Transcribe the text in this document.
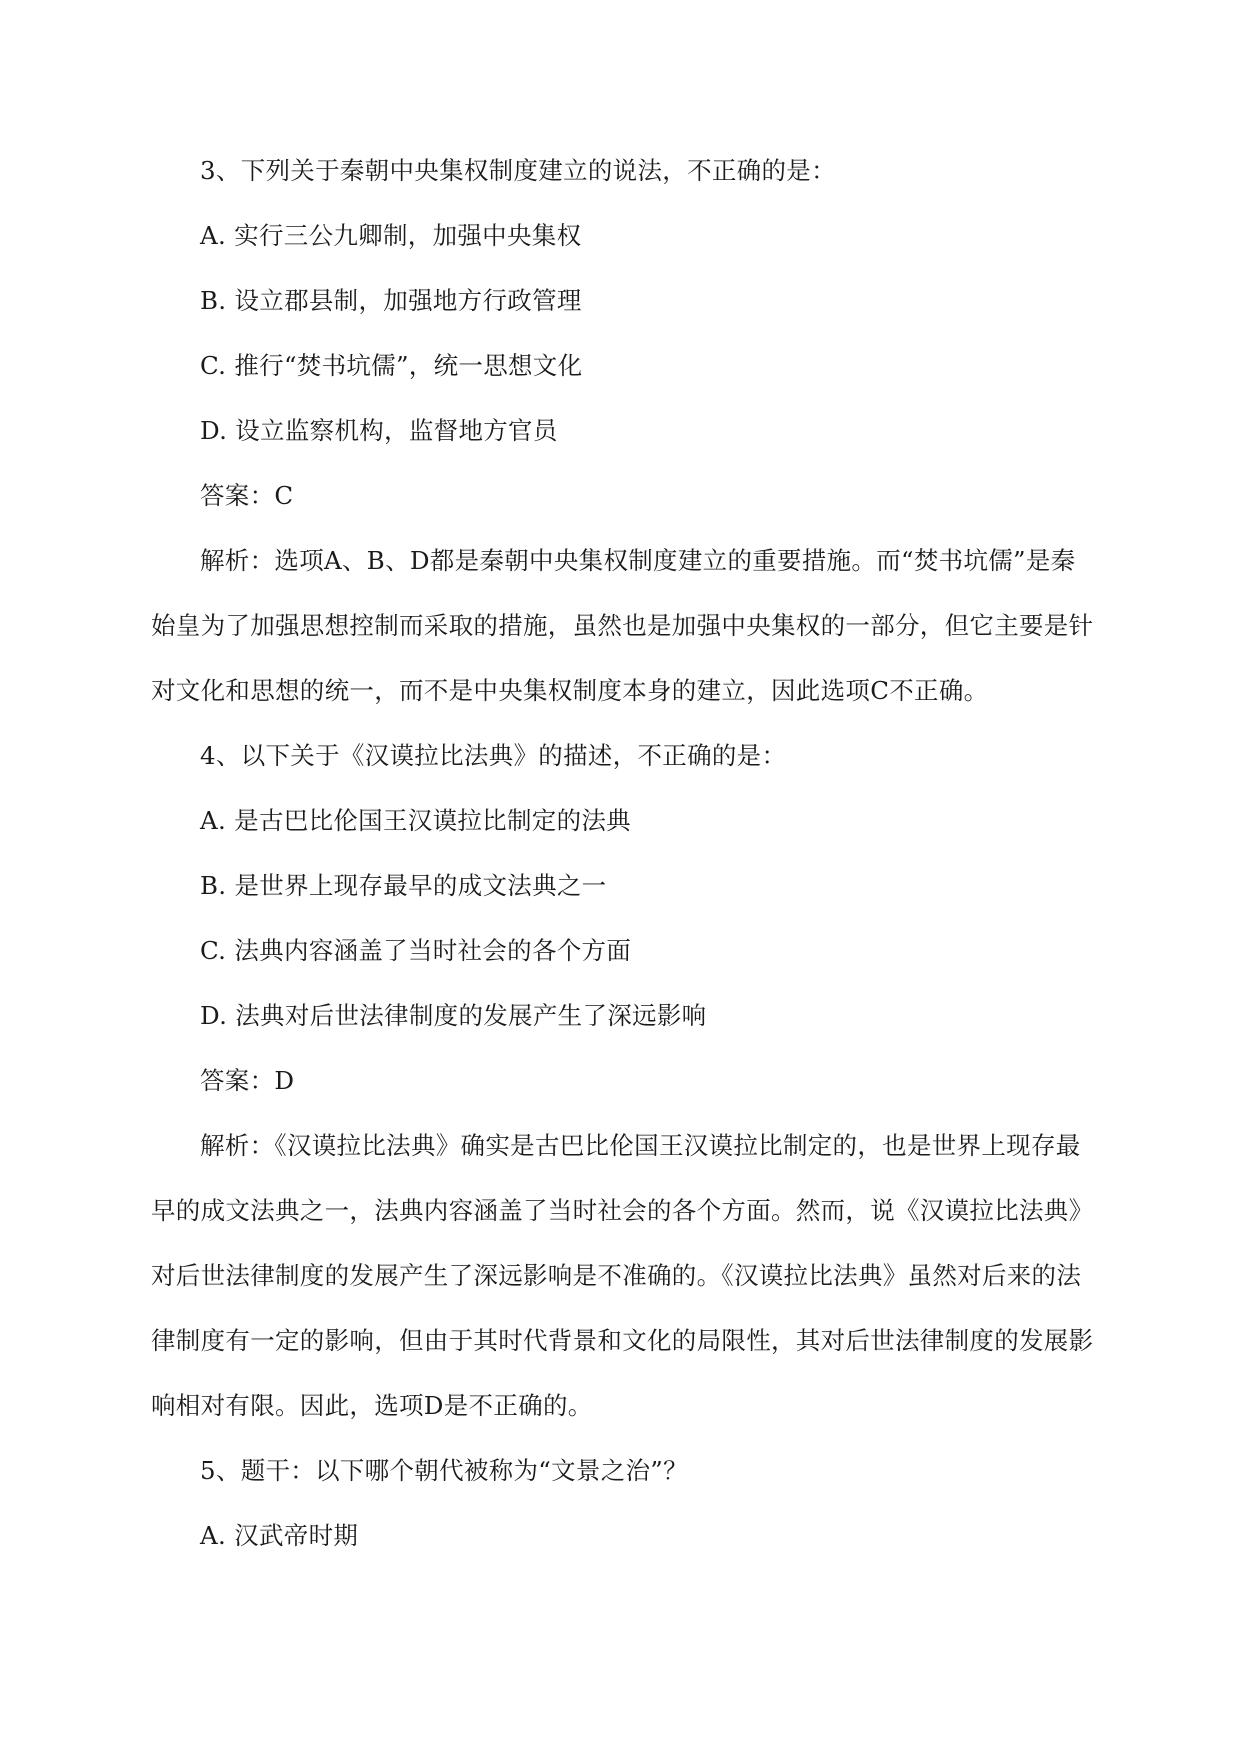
3、下列关于秦朝中央集权制度建立的说法，不正确的是：
A. 实行三公九卿制，加强中央集权
B. 设立郡县制，加强地方行政管理
C. 推行“焚书坑儒”，统一思想文化
D. 设立监察机构，监督地方官员
答案：C
解析：选项A、B、D都是秦朝中央集权制度建立的重要措施。而“焚书坑儒”是秦
始皇为了加强思想控制而采取的措施，虽然也是加强中央集权的一部分，但它主要是针
对文化和思想的统一，而不是中央集权制度本身的建立，因此选项C不正确。
4、以下关于《汉谟拉比法典》的描述，不正确的是：
A. 是古巴比伦国王汉谟拉比制定的法典
B. 是世界上现存最早的成文法典之一
C. 法典内容涵盖了当时社会的各个方面
D. 法典对后世法律制度的发展产生了深远影响
答案：D
解析：《汉谟拉比法典》确实是古巴比伦国王汉谟拉比制定的，也是世界上现存最
早的成文法典之一，法典内容涵盖了当时社会的各个方面。然而，说《汉谟拉比法典》
对后世法律制度的发展产生了深远影响是不准确的。《汉谟拉比法典》虽然对后来的法
律制度有一定的影响，但由于其时代背景和文化的局限性，其对后世法律制度的发展影
响相对有限。因此，选项D是不正确的。
5、题干：以下哪个朝代被称为“文景之治”？
A. 汉武帝时期
